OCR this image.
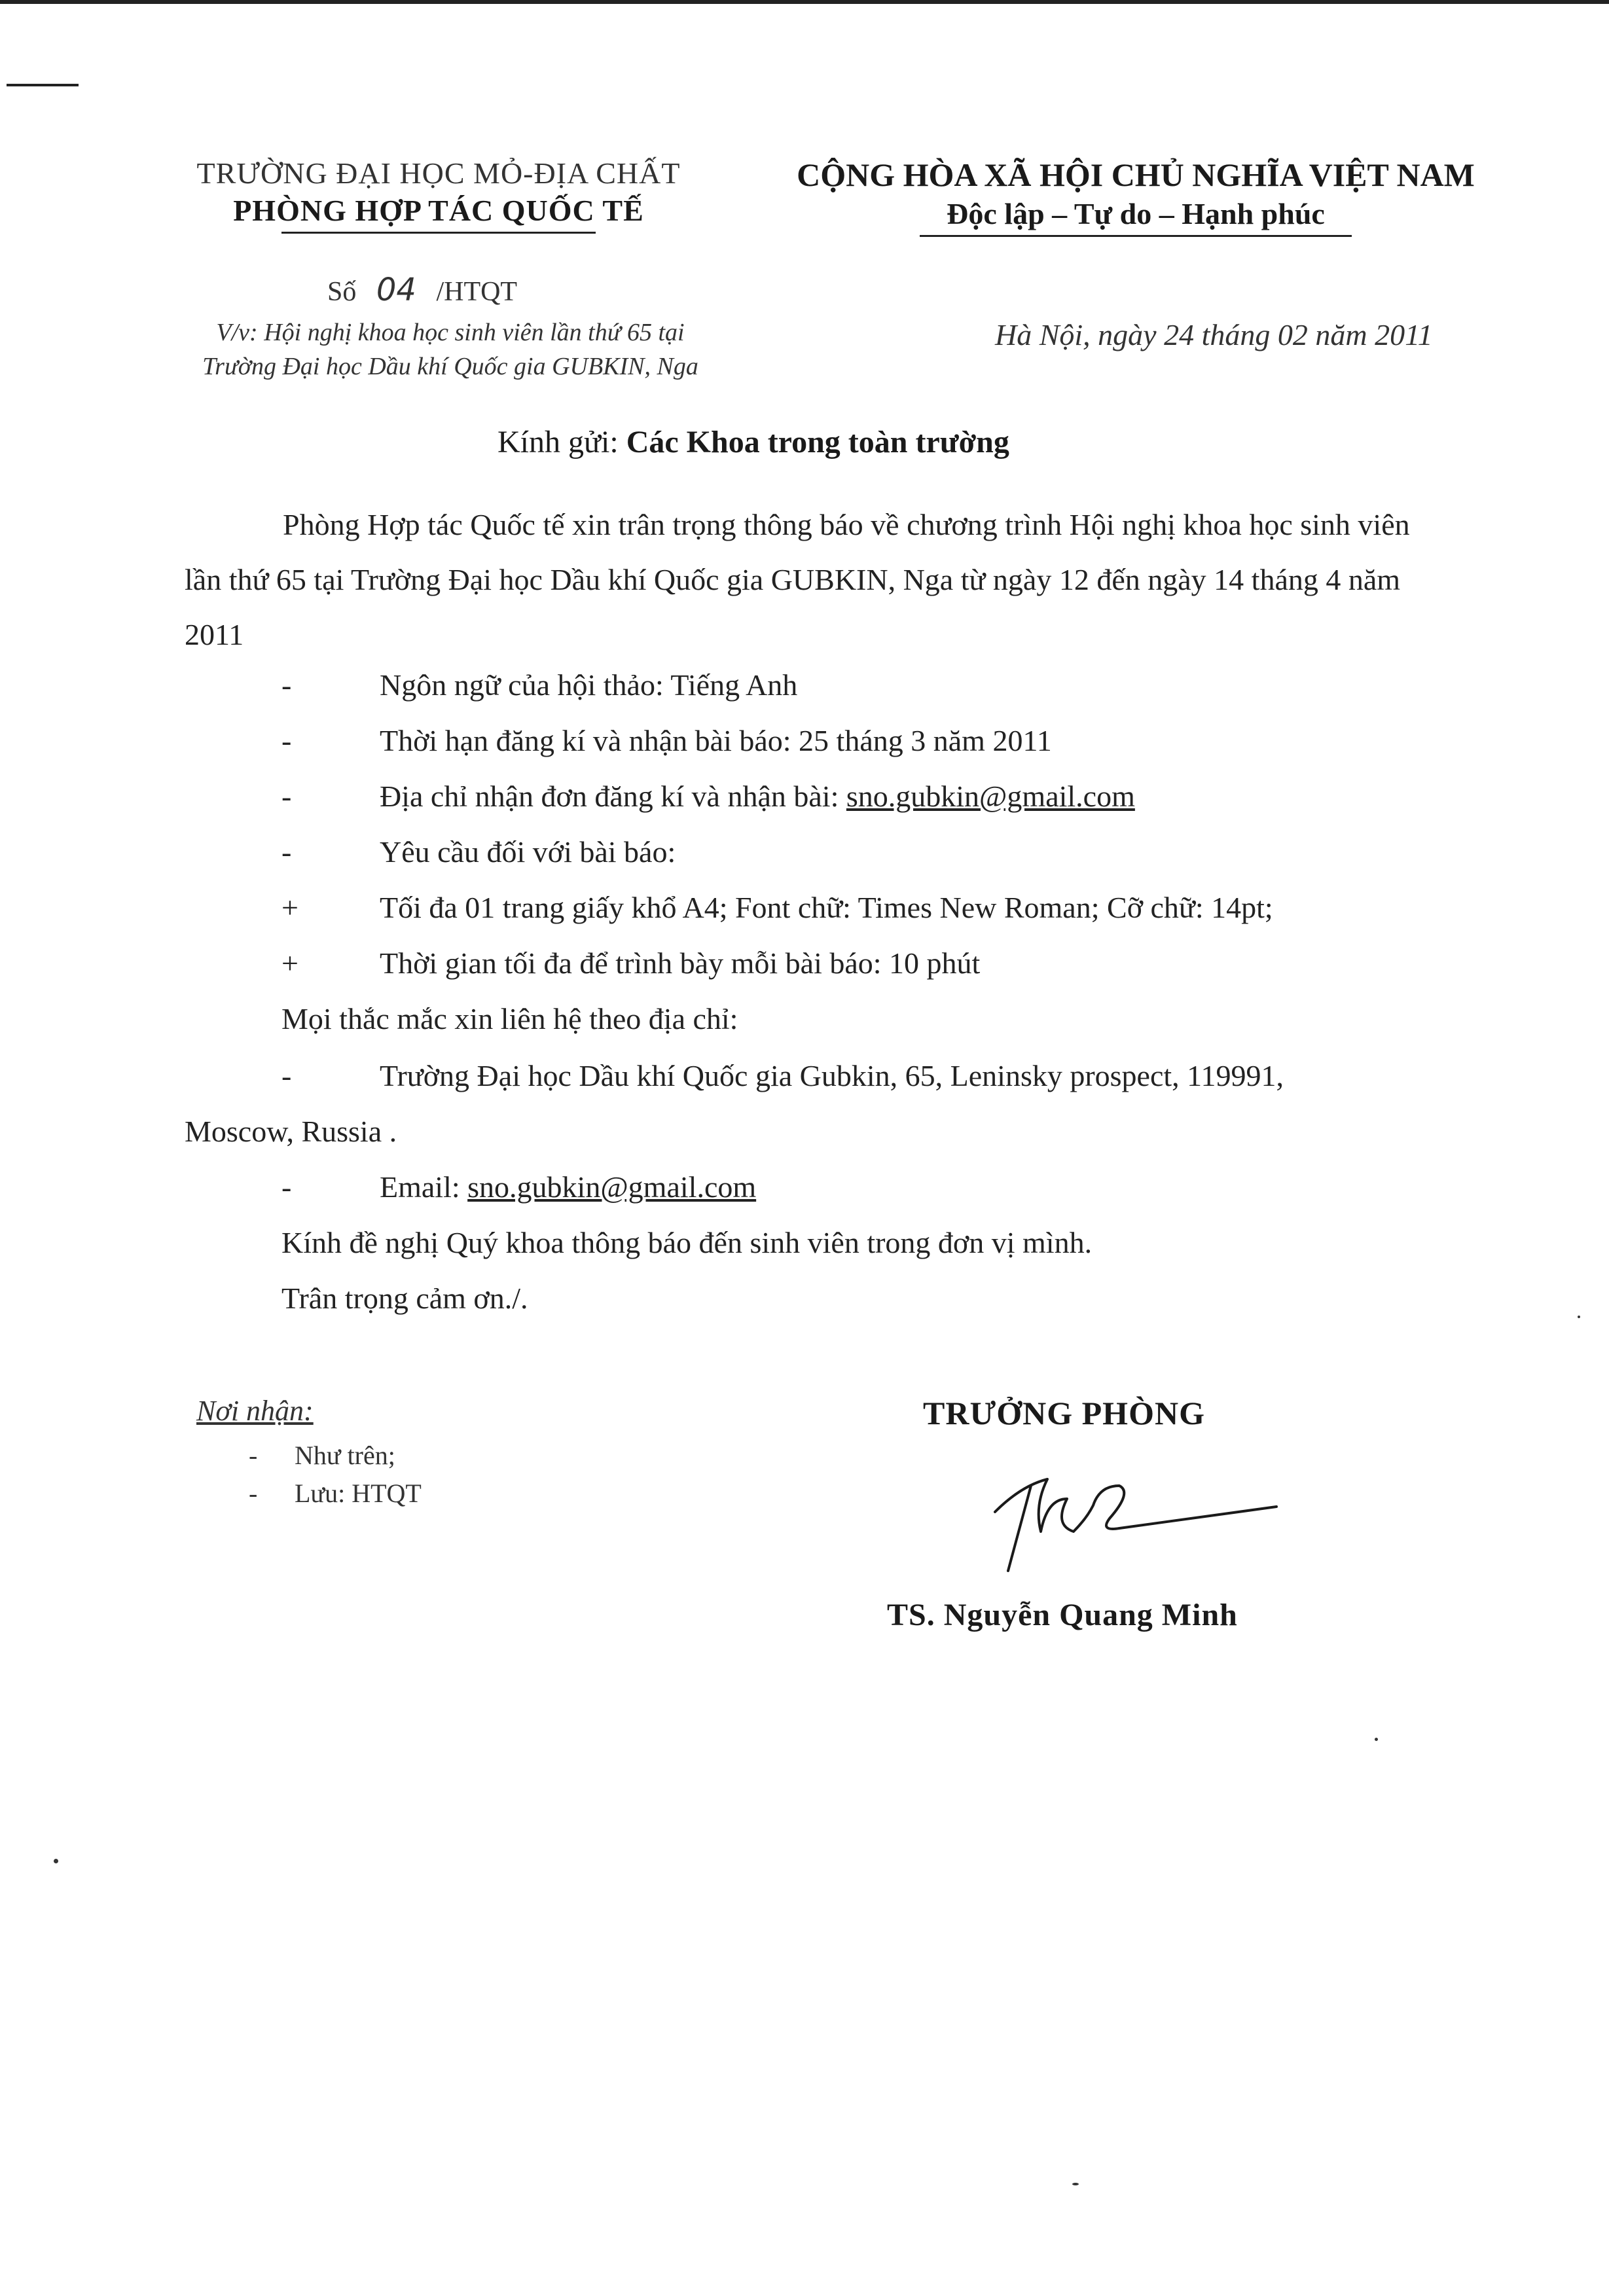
TRƯỜNG ĐẠI HỌC MỎ-ĐỊA CHẤT
PHÒNG HỢP TÁC QUỐC TẾ
CỘNG HÒA XÃ HỘI CHỦ NGHĨA VIỆT NAM
Độc lập – Tự do – Hạnh phúc
Số 04 /HTQT
V/v: Hội nghị khoa học sinh viên lần thứ 65 tại
Trường Đại học Dầu khí Quốc gia GUBKIN, Nga
Hà Nội, ngày 24 tháng 02 năm 2011
Kính gửi: Các Khoa trong toàn trường
Phòng Hợp tác Quốc tế xin trân trọng thông báo về chương trình Hội nghị khoa học sinh viên lần thứ 65 tại Trường Đại học Dầu khí Quốc gia GUBKIN, Nga từ ngày 12 đến ngày 14 tháng 4 năm 2011
-	Ngôn ngữ của hội thảo: Tiếng Anh
-	Thời hạn đăng kí và nhận bài báo: 25 tháng 3 năm 2011
-	Địa chỉ nhận đơn đăng kí và nhận bài: sno.gubkin@gmail.com
-	Yêu cầu đối với bài báo:
+	Tối đa 01 trang giấy khổ A4; Font chữ: Times New Roman; Cỡ chữ: 14pt;
+	Thời gian tối đa để trình bày mỗi bài báo: 10 phút
Mọi thắc mắc xin liên hệ theo địa chỉ:
-	Trường Đại học Dầu khí Quốc gia Gubkin, 65, Leninsky prospect, 119991,
Moscow, Russia .
-	Email: sno.gubkin@gmail.com
Kính đề nghị Quý khoa thông báo đến sinh viên trong đơn vị mình.
Trân trọng cảm ơn./.
Nơi nhận:
- Như trên;
- Lưu: HTQT
TRƯỞNG PHÒNG
TS. Nguyễn Quang Minh
